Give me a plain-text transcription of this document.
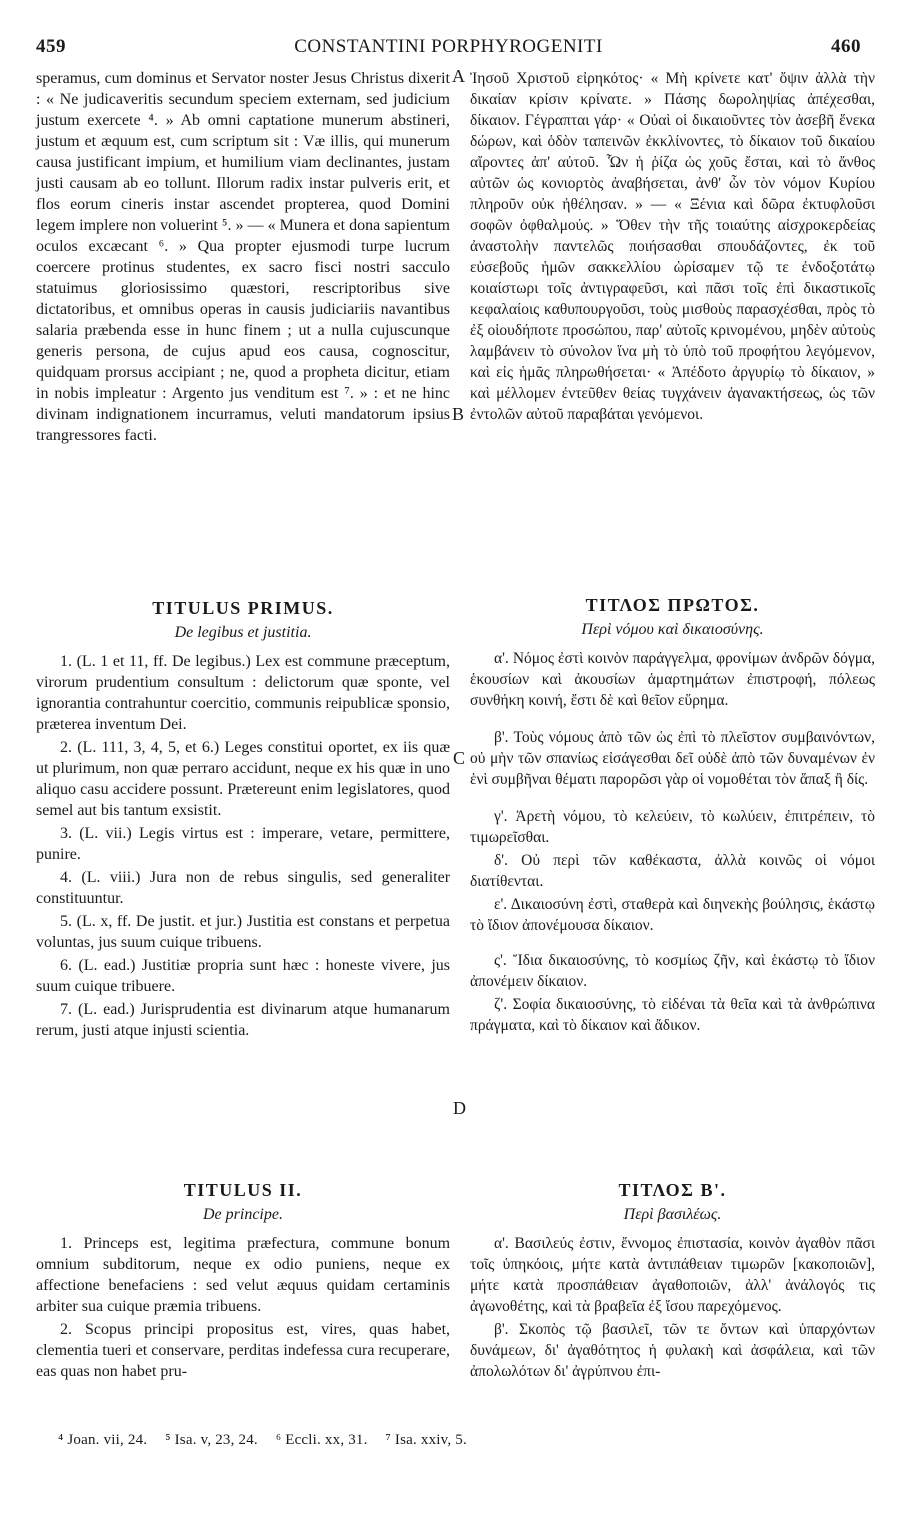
459	CONSTANTINI PORPHYROGENITI	460
A
B
C
D

speramus, cum dominus et Servator noster Jesus Christus dixerit : « Ne judicaveritis secundum speciem externam, sed judicium justum exercete ⁴. » Ab omni captatione munerum abstineri, justum et æquum est, cum scriptum sit : Væ illis, qui munerum causa justificant impium, et humilium viam declinantes, justam justi causam ab eo tollunt. Illorum radix instar pulveris erit, et flos eorum cineris instar ascendet propterea, quod Domini legem implere non voluerint ⁵. » — « Munera et dona sapientum oculos excæcant ⁶. » Qua propter ejusmodi turpe lucrum coercere protinus studentes, ex sacro fisci nostri sacculo statuimus gloriosissimo quæstori, rescriptoribus sive dictatoribus, et omnibus operas in causis judiciariis navantibus salaria præbenda esse in hunc finem ; ut a nulla cujuscunque generis persona, de cujus apud eos causa, cognoscitur, quidquam prorsus accipiant ; ne, quod a propheta dicitur, etiam in nobis impleatur : Argento jus venditum est ⁷. » : et ne hinc divinam indignationem incurramus, veluti mandatorum ipsius trangressores facti.

TITULUS PRIMUS.
De legibus et justitia.

1. (L. 1 et 11, ff. De legibus.) Lex est commune præceptum, virorum prudentium consultum : delictorum quæ sponte, vel ignorantia contrahuntur coercitio, communis reipublicæ sponsio, præterea inventum Dei.

2. (L. 111, 3, 4, 5, et 6.) Leges constitui oportet, ex iis quæ ut plurimum, non quæ perraro accidunt, neque ex his quæ in uno aliquo casu accidere possunt. Prætereunt enim legislatores, quod semel aut bis tantum exsistit.

3. (L. vii.) Legis virtus est : imperare, vetare, permittere, punire.

4. (L. viii.) Jura non de rebus singulis, sed generaliter constituuntur.

5. (L. x, ff. De justit. et jur.) Justitia est constans et perpetua voluntas, jus suum cuique tribuens.

6. (L. ead.) Justitiæ propria sunt hæc : honeste vivere, jus suum cuique tribuere.

7. (L. ead.) Jurisprudentia est divinarum atque humanarum rerum, justi atque injusti scientia.

TITULUS II.
De principe.

1. Princeps est, legitima præfectura, commune bonum omnium subditorum, neque ex odio puniens, neque ex affectione benefaciens : sed velut æquus quidam certaminis arbiter sua cuique præmia tribuens.

2. Scopus principi propositus est, vires, quas habet, clementia tueri et conservare, perditas indefessa cura recuperare, eas quas non habet pru-

Ἰησοῦ Χριστοῦ εἰρηκότος· « Μὴ κρίνετε κατ' ὄψιν ἀλλὰ τὴν δικαίαν κρίσιν κρίνατε. » Πάσης δωροληψίας ἀπέχεσθαι, δίκαιον. Γέγραπται γάρ· « Οὐαὶ οἱ δικαιοῦντες τὸν ἀσεβῆ ἕνεκα δώρων, καὶ ὁδὸν ταπεινῶν ἐκκλίνοντες, τὸ δίκαιον τοῦ δικαίου αἴροντες ἀπ' αὐτοῦ. Ὧν ἡ ῥίζα ὡς χοῦς ἔσται, καὶ τὸ ἄνθος αὐτῶν ὡς κονιορτὸς ἀναβήσεται, ἀνθ' ὧν τὸν νόμον Κυρίου πληροῦν οὐκ ἠθέλησαν. » — « Ξένια καὶ δῶρα ἐκτυφλοῦσι σοφῶν ὀφθαλμούς. » Ὅθεν τὴν τῆς τοιαύτης αἰσχροκερδείας ἀναστολὴν παντελῶς ποιήσασθαι σπουδάζοντες, ἐκ τοῦ εὐσεβοῦς ἡμῶν σακκελλίου ὡρίσαμεν τῷ τε ἐνδοξοτάτῳ κοιαίστωρι τοῖς ἀντιγραφεῦσι, καὶ πᾶσι τοῖς ἐπὶ δικαστικοῖς κεφαλαίοις καθυπουργοῦσι, τοὺς μισθοὺς παρασχέσθαι, πρὸς τὸ ἐξ οἱουδήποτε προσώπου, παρ' αὐτοῖς κρινομένου, μηδὲν αὐτοὺς λαμβάνειν τὸ σύνολον ἵνα μὴ τὸ ὑπὸ τοῦ προφήτου λεγόμενον, καὶ εἰς ἡμᾶς πληρωθήσεται· « Ἀπέδοτο ἀργυρίῳ τὸ δίκαιον, » καὶ μέλλομεν ἐντεῦθεν θείας τυγχάνειν ἀγανακτήσεως, ὡς τῶν ἐντολῶν αὐτοῦ παραβάται γενόμενοι.

ΤΙΤΛΟΣ ΠΡΩΤΟΣ.
Περὶ νόμου καὶ δικαιοσύνης.

α'. Νόμος ἐστὶ κοινὸν παράγγελμα, φρονίμων ἀνδρῶν δόγμα, ἑκουσίων καὶ ἀκουσίων ἁμαρτημάτων ἐπιστροφή, πόλεως συνθήκη κοινή, ἔστι δὲ καὶ θεῖον εὕρημα.

β'. Τοὺς νόμους ἀπὸ τῶν ὡς ἐπὶ τὸ πλεῖστον συμβαινόντων, οὐ μὴν τῶν σπανίως εἰσάγεσθαι δεῖ οὐδὲ ἀπὸ τῶν δυναμένων ἐν ἑνὶ συμβῆναι θέματι παρορῶσι γὰρ οἱ νομοθέται τὸν ἅπαξ ἢ δίς.

γ'. Ἀρετὴ νόμου, τὸ κελεύειν, τὸ κωλύειν, ἐπιτρέπειν, τὸ τιμωρεῖσθαι.

δ'. Οὐ περὶ τῶν καθέκαστα, ἀλλὰ κοινῶς οἱ νόμοι διατίθενται.

ε'. Δικαιοσύνη ἐστὶ, σταθερὰ καὶ διηνεκὴς βούλησις, ἑκάστῳ τὸ ἴδιον ἀπονέμουσα δίκαιον.

ς'. Ἴδια δικαιοσύνης, τὸ κοσμίως ζῆν, καὶ ἑκάστῳ τὸ ἴδιον ἀπονέμειν δίκαιον.

ζ'. Σοφία δικαιοσύνης, τὸ εἰδέναι τὰ θεῖα καὶ τὰ ἀνθρώπινα πράγματα, καὶ τὸ δίκαιον καὶ ἄδικον.

ΤΙΤΛΟΣ Β'.
Περὶ βασιλέως.

α'. Βασιλεύς ἐστιν, ἔννομος ἐπιστασία, κοινὸν ἀγαθὸν πᾶσι τοῖς ὑπηκόοις, μήτε κατὰ ἀντιπάθειαν τιμωρῶν [κακοποιῶν], μήτε κατὰ προσπάθειαν ἀγαθοποιῶν, ἀλλ' ἀνάλογός τις ἀγωνοθέτης, καὶ τὰ βραβεῖα ἐξ ἴσου παρεχόμενος.

β'. Σκοπὸς τῷ βασιλεῖ, τῶν τε ὄντων καὶ ὑπαρχόντων δυνάμεων, δι' ἀγαθότητος ἡ φυλακὴ καὶ ἀσφάλεια, καὶ τῶν ἀπολωλότων δι' ἀγρύπνου ἐπι-

⁴ Joan. vii, 24. ⁵ Isa. v, 23, 24. ⁶ Eccli. xx, 31. ⁷ Isa. xxiv, 5.
